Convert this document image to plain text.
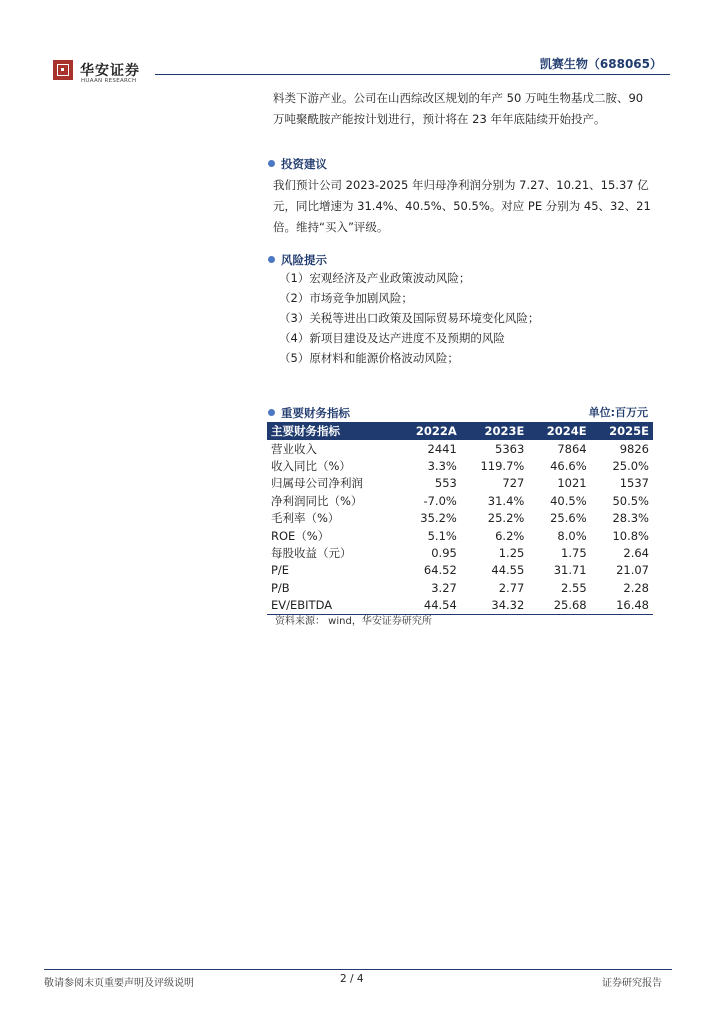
华安证券
HUAAN RESEARCH
凯赛生物（688065）

料类下游产业。公司在山西综改区规划的年产 50 万吨生物基戊二胺、90
万吨聚酰胺产能按计划进行，预计将在 23 年年底陆续开始投产。

投资建议

我们预计公司 2023-2025 年归母净利润分别为 7.27、10.21、15.37 亿
元，同比增速为 31.4%、40.5%、50.5%。对应 PE 分别为 45、32、21
倍。维持“买入”评级。

风险提示
（1）宏观经济及产业政策波动风险；
（2）市场竞争加剧风险；
（3）关税等进出口政策及国际贸易环境变化风险；
（4）新项目建设及达产进度不及预期的风险
（5）原材料和能源价格波动风险；
重要财务指标	单位:百万元
主要财务指标	2022A	2023E	2024E	2025E
营业收入	2441	5363	7864	9826
收入同比（%）	3.3%	119.7%	46.6%	25.0%
归属母公司净利润	553	727	1021	1537
净利润同比（%）	-7.0%	31.4%	40.5%	50.5%
毛利率（%）	35.2%	25.2%	25.6%	28.3%
ROE（%）	5.1%	6.2%	8.0%	10.8%
每股收益（元）	0.95	1.25	1.75	2.64
P/E	64.52	44.55	31.71	21.07
P/B	3.27	2.77	2.55	2.28
EV/EBITDA	44.54	34.32	25.68	16.48
资料来源： wind，华安证券研究所
敬请参阅末页重要声明及评级说明	2 / 4	证券研究报告
